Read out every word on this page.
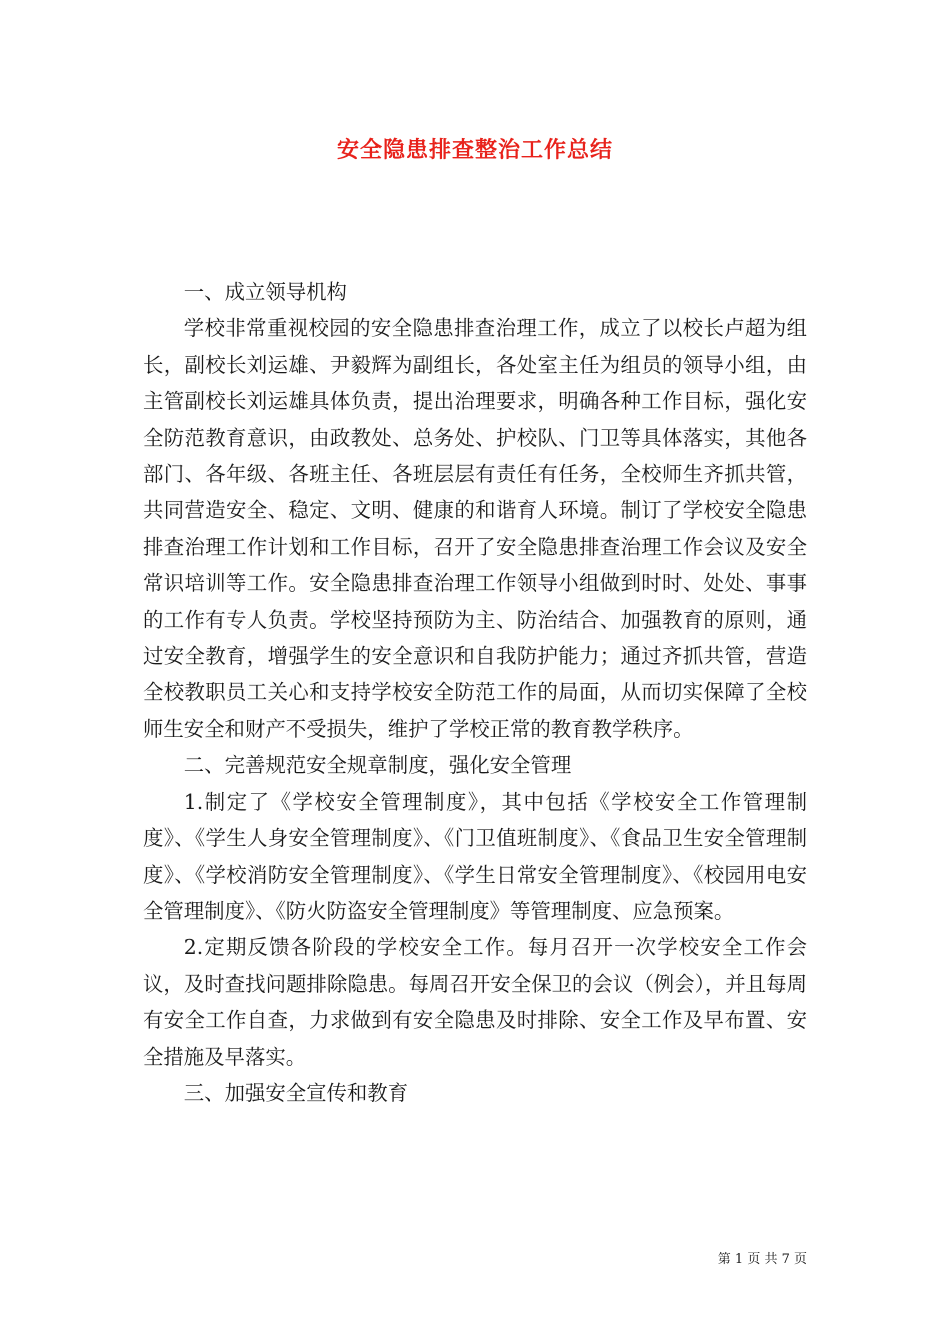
安全隐患排查整治工作总结

一、成立领导机构

学校非常重视校园的安全隐患排查治理工作，成立了以校长卢超为组长，副校长刘运雄、尹毅辉为副组长，各处室主任为组员的领导小组，由主管副校长刘运雄具体负责，提出治理要求，明确各种工作目标，强化安全防范教育意识，由政教处、总务处、护校队、门卫等具体落实，其他各部门、各年级、各班主任、各班层层有责任有任务，全校师生齐抓共管，共同营造安全、稳定、文明、健康的和谐育人环境。制订了学校安全隐患排查治理工作计划和工作目标，召开了安全隐患排查治理工作会议及安全常识培训等工作。安全隐患排查治理工作领导小组做到时时、处处、事事的工作有专人负责。学校坚持预防为主、防治结合、加强教育的原则，通过安全教育，增强学生的安全意识和自我防护能力；通过齐抓共管，营造全校教职员工关心和支持学校安全防范工作的局面，从而切实保障了全校师生安全和财产不受损失，维护了学校正常的教育教学秩序。

二、完善规范安全规章制度，强化安全管理

1.制定了《学校安全管理制度》，其中包括《学校安全工作管理制度》、《学生人身安全管理制度》、《门卫值班制度》、《食品卫生安全管理制度》、《学校消防安全管理制度》、《学生日常安全管理制度》、《校园用电安全管理制度》、《防火防盗安全管理制度》等管理制度、应急预案。

2.定期反馈各阶段的学校安全工作。每月召开一次学校安全工作会议，及时查找问题排除隐患。每周召开安全保卫的会议（例会），并且每周有安全工作自查，力求做到有安全隐患及时排除、安全工作及早布置、安全措施及早落实。

三、加强安全宣传和教育

第 1 页 共 7 页
